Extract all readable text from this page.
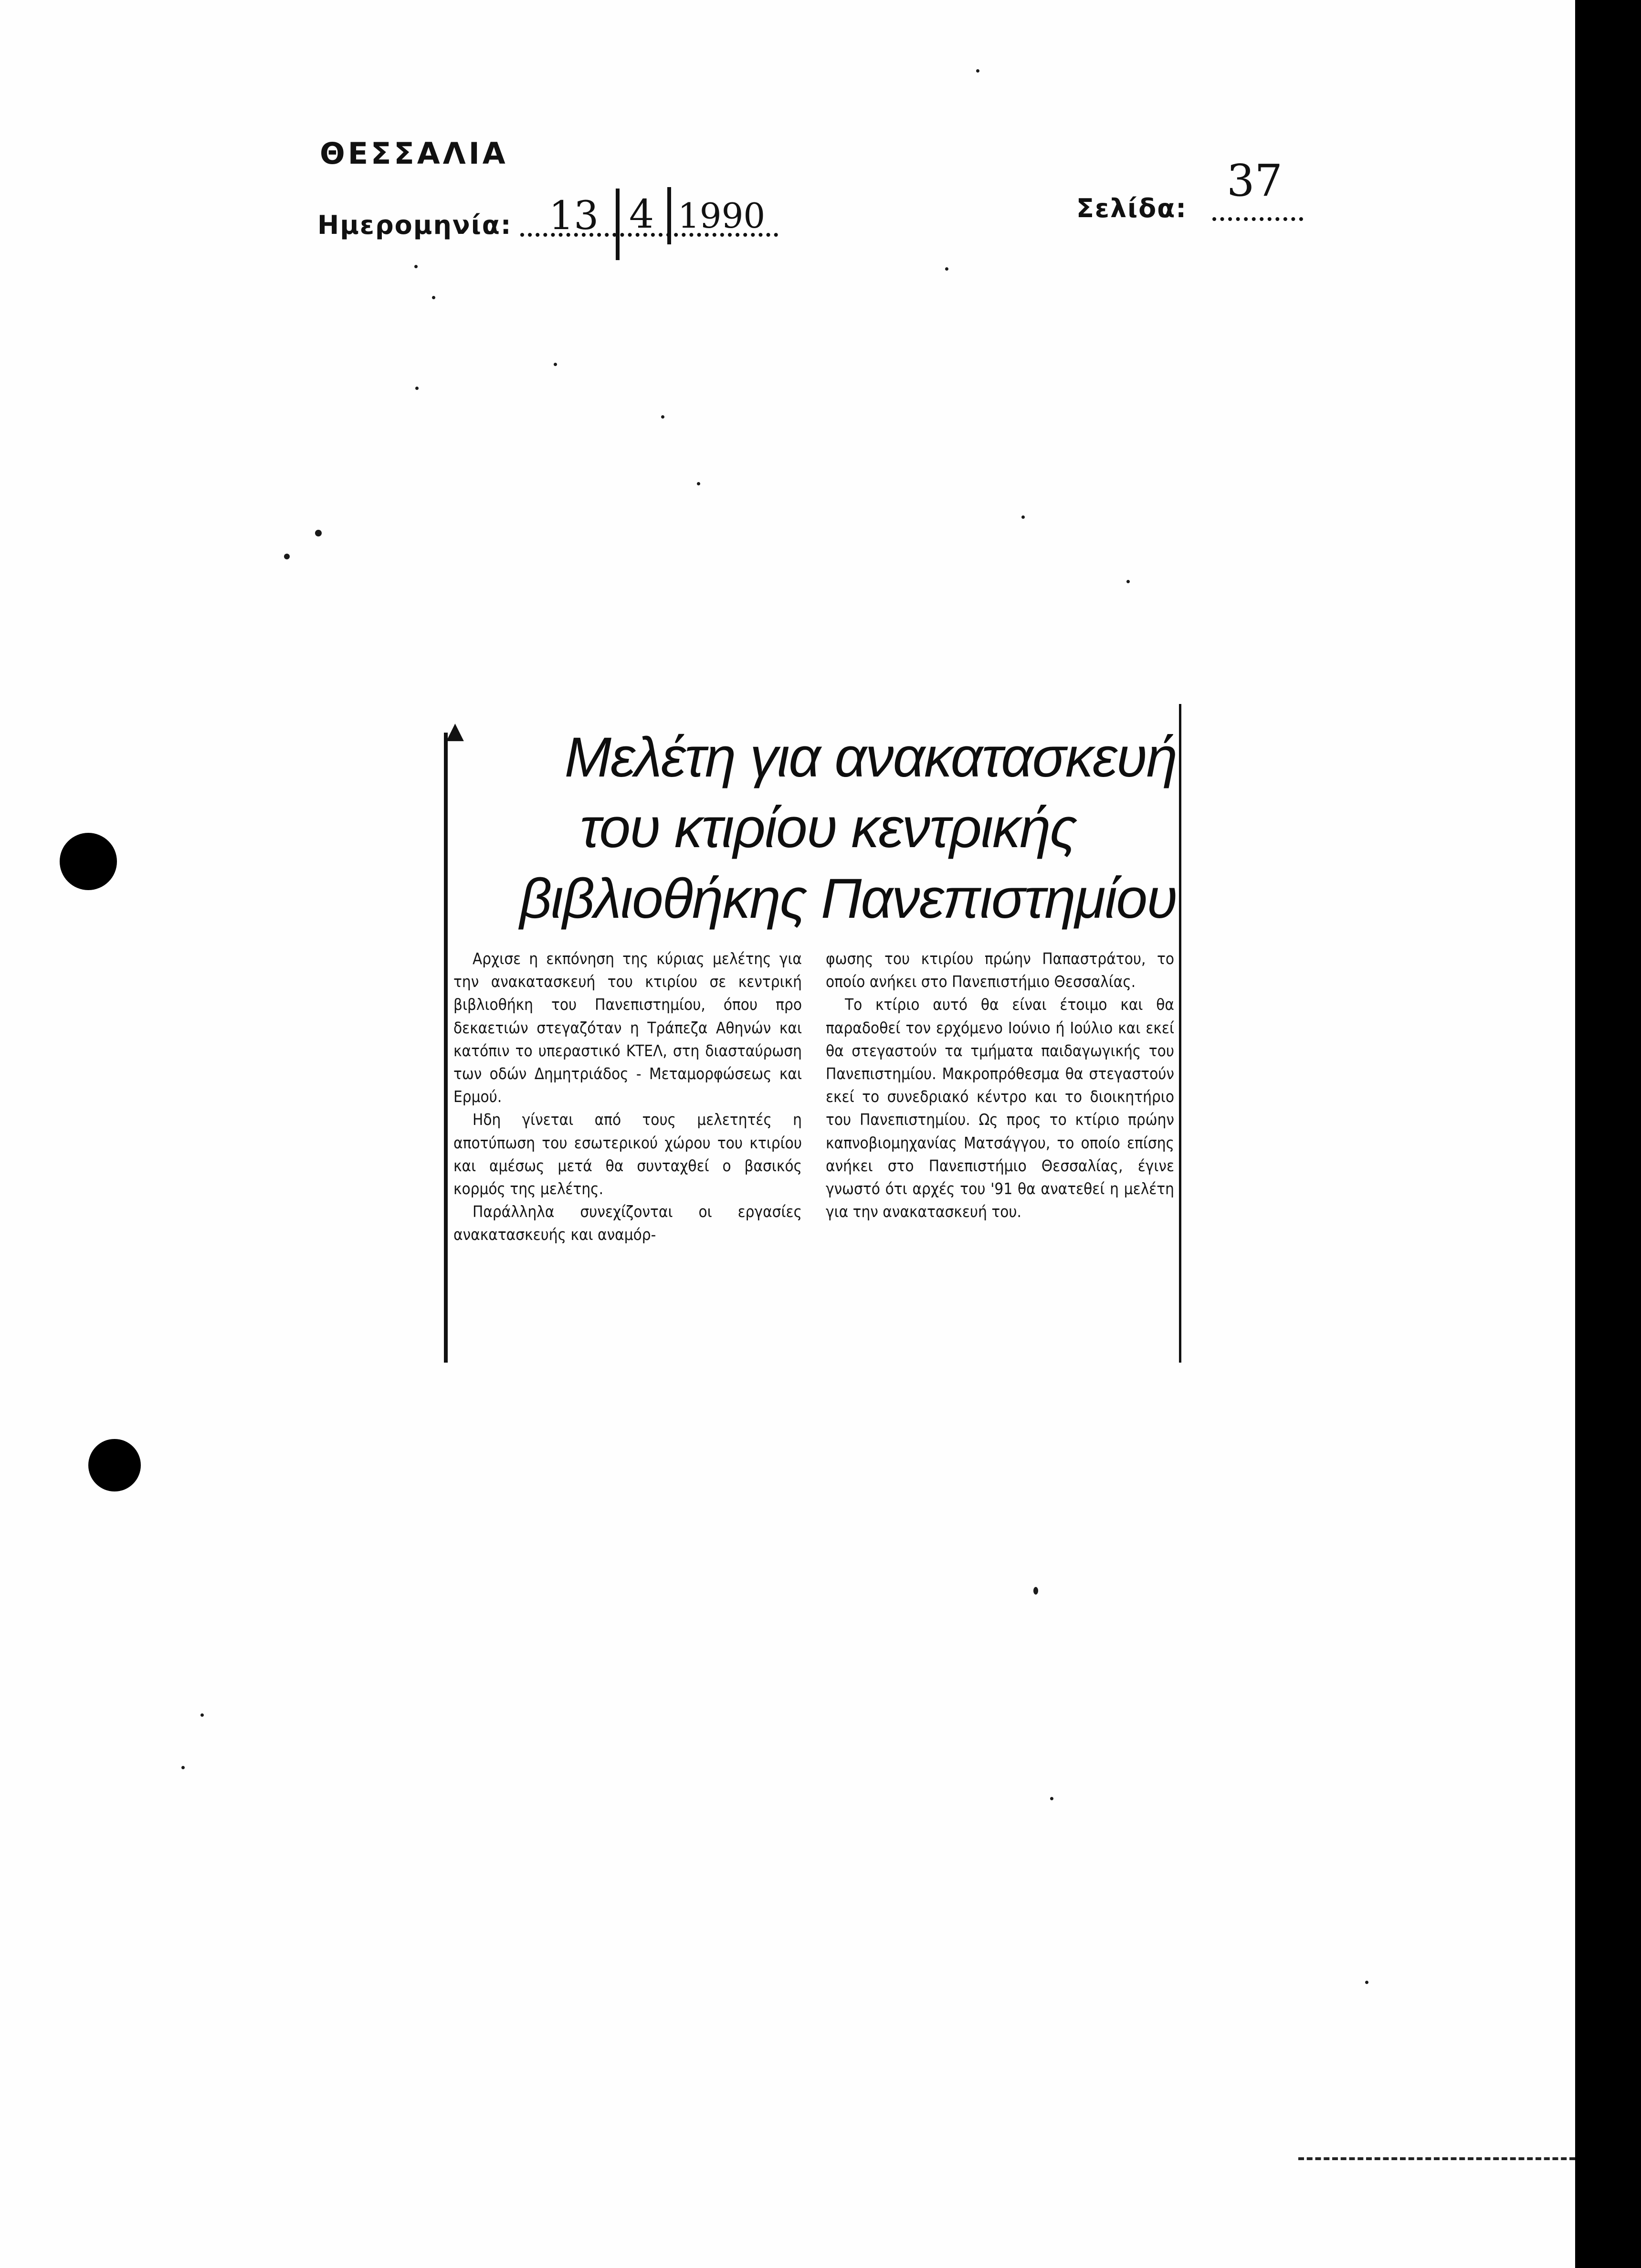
ΘΕΣΣΑΛΙΑ
Ημερομηνία: 13 4 1990	Σελίδα:
37
▲	Μελέτη για ανακατασκευή
του κτιρίου κεντρικής
βιβλιοθήκης Πανεπιστημίου

Αρχισε η εκπόνηση της κύριας μελέτης για την ανακατασκευή του κτιρίου σε κεντρική βιβλιοθήκη του Πανεπιστημίου, όπου προ δεκαετιών στεγαζόταν η Τράπεζα Αθηνών και κατόπιν το υπεραστικό ΚΤΕΛ, στη διασταύρωση των οδών Δημητριάδος - Μεταμορφώσεως και Ερμού.

Ηδη γίνεται από τους μελετητές η αποτύπωση του εσωτερικού χώρου του κτιρίου και αμέσως μετά θα συνταχθεί ο βασικός κορμός της μελέτης.

Παράλληλα συνεχίζονται οι εργασίες ανακατασκευής και αναμόρ-

φωσης του κτιρίου πρώην Παπαστράτου, το οποίο ανήκει στο Πανεπιστήμιο Θεσσαλίας.

Το κτίριο αυτό θα είναι έτοιμο και θα παραδοθεί τον ερχόμενο Ιούνιο ή Ιούλιο και εκεί θα στεγαστούν τα τμήματα παιδαγωγικής του Πανεπιστημίου. Μακροπρόθεσμα θα στεγαστούν εκεί το συνεδριακό κέντρο και το διοικητήριο του Πανεπιστημίου. Ως προς το κτίριο πρώην καπνοβιομηχανίας Ματσάγγου, το οποίο επίσης ανήκει στο Πανεπιστήμιο Θεσσαλίας, έγινε γνωστό ότι αρχές του '91 θα ανατεθεί η μελέτη για την ανακατασκευή του.
